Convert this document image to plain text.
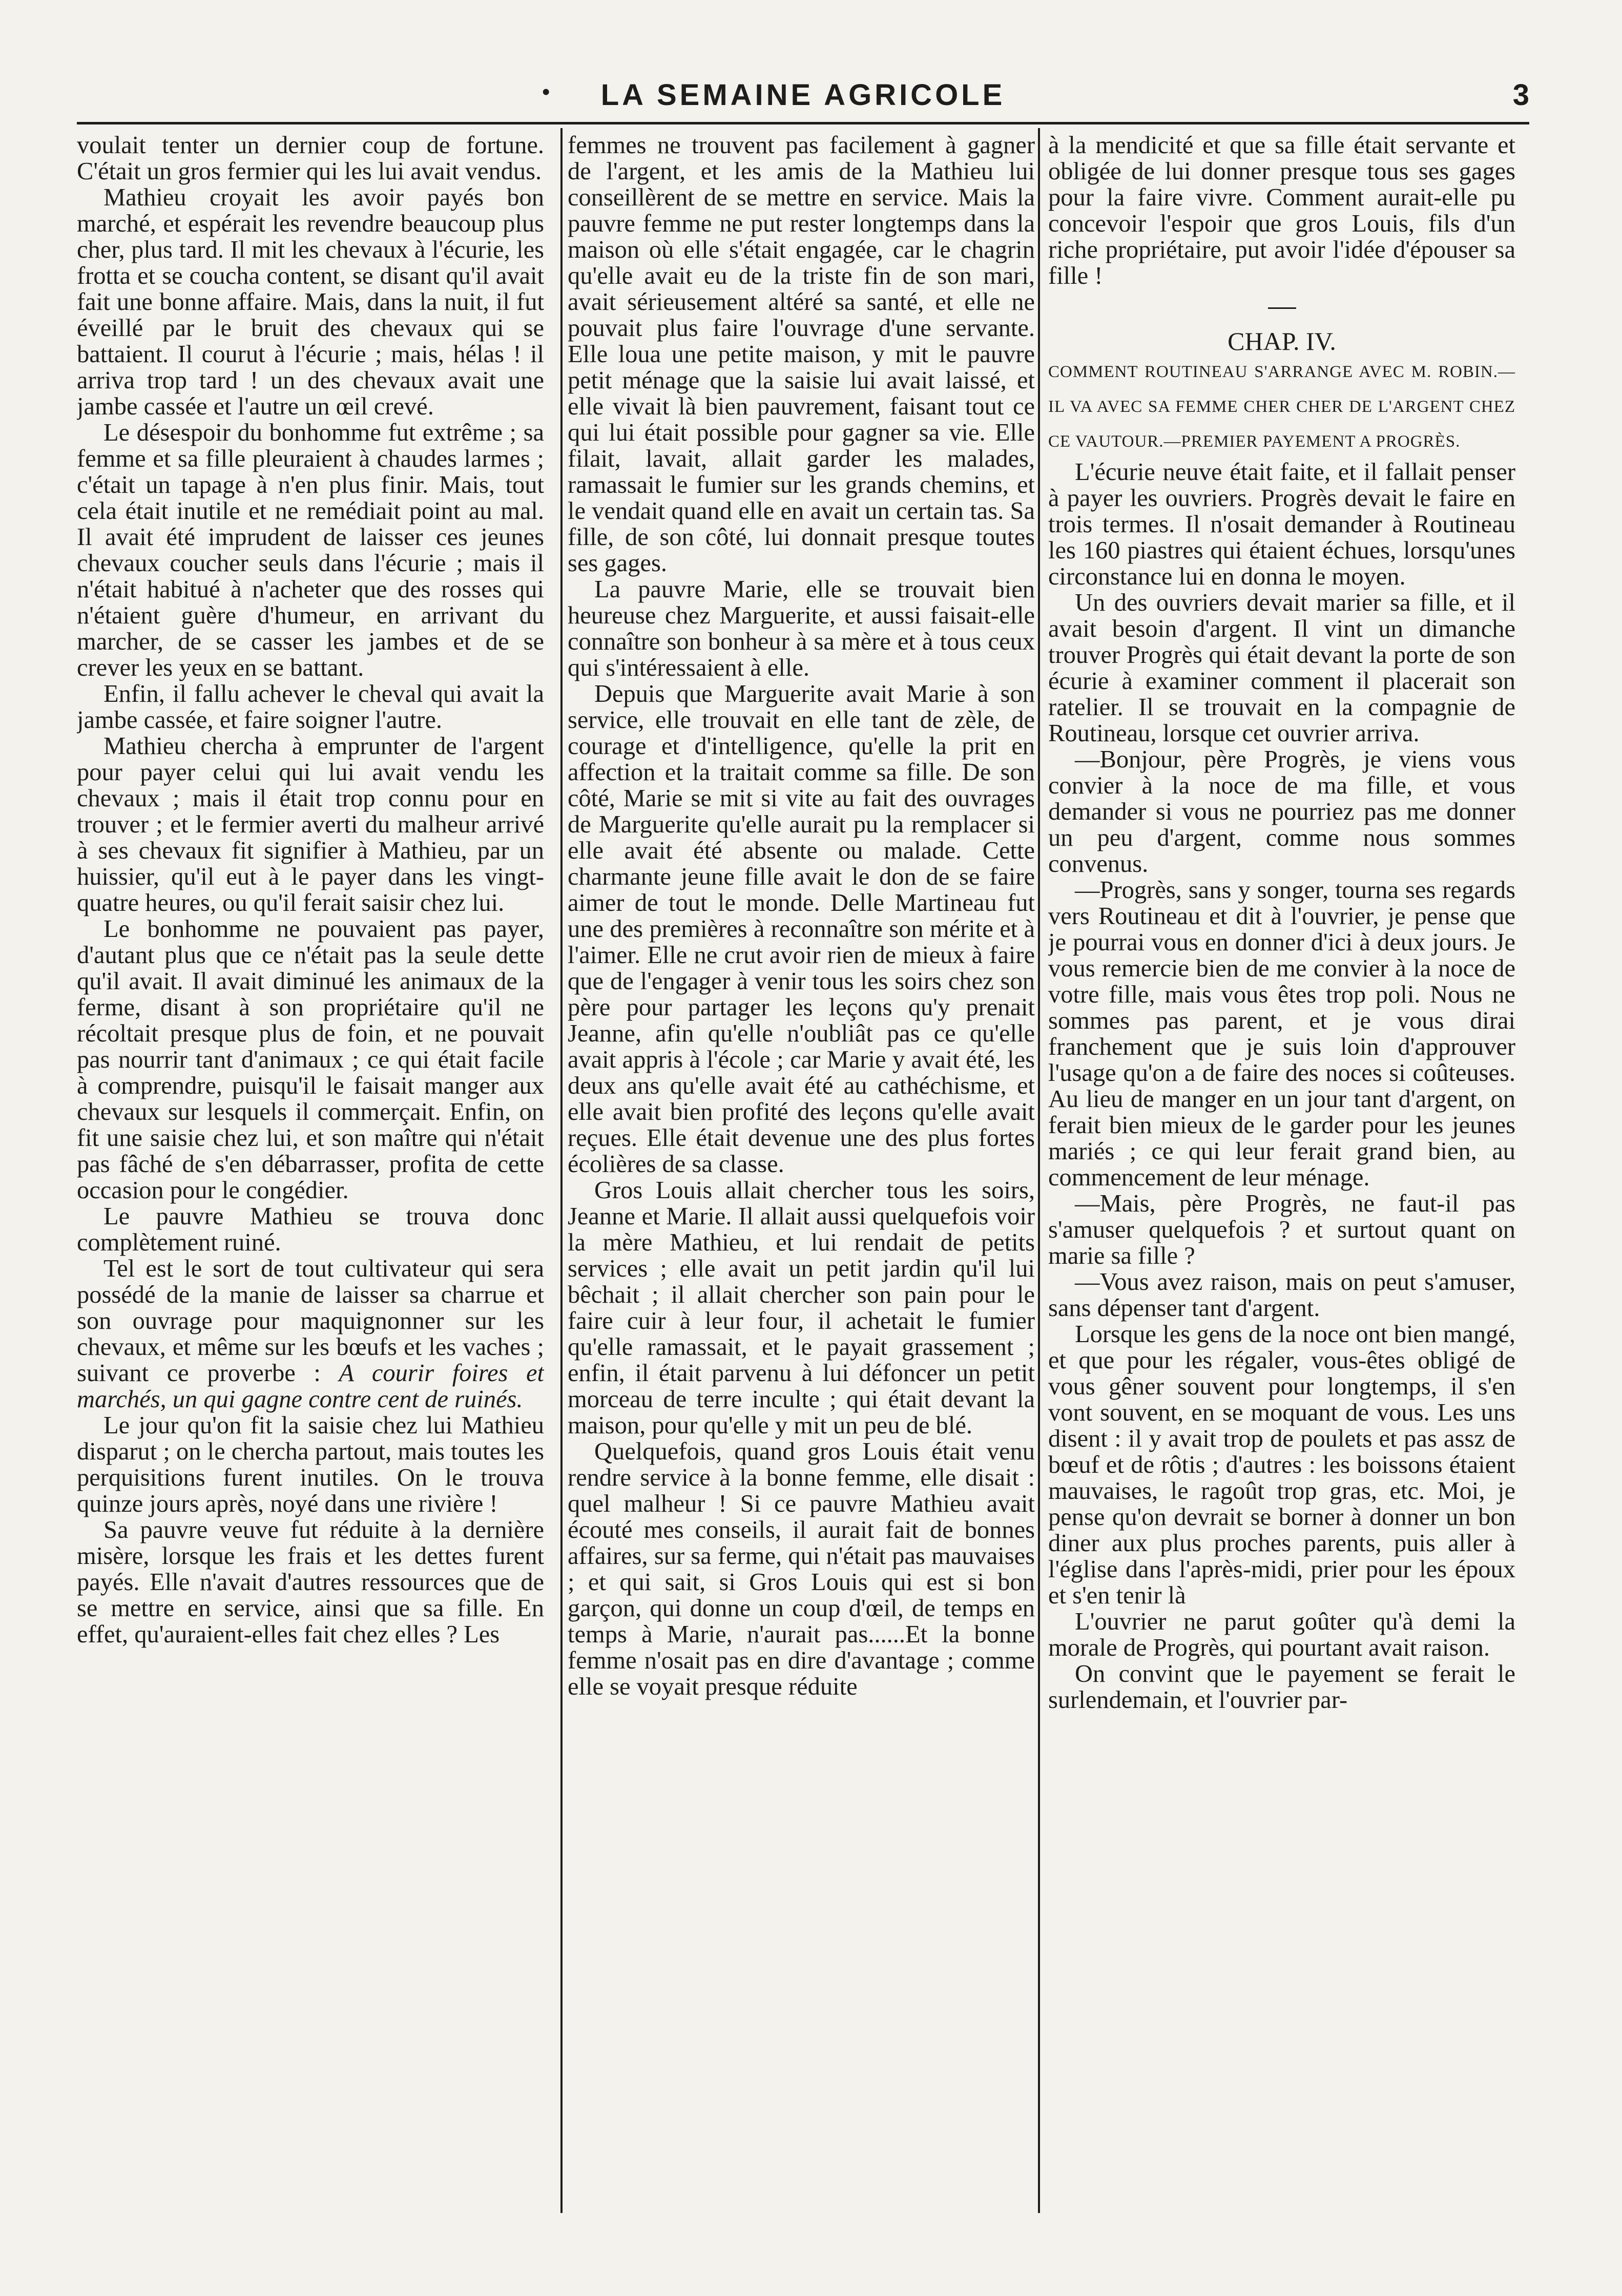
•	LA SEMAINE AGRICOLE	3

voulait tenter un dernier coup de fortune. C'était un gros fermier qui les lui avait vendus.

Mathieu croyait les avoir payés bon marché, et espérait les revendre beaucoup plus cher, plus tard. Il mit les chevaux à l'écurie, les frotta et se coucha content, se disant qu'il avait fait une bonne affaire. Mais, dans la nuit, il fut éveillé par le bruit des chevaux qui se battaient. Il courut à l'écurie ; mais, hélas ! il arriva trop tard ! un des chevaux avait une jambe cassée et l'autre un œil crevé.

Le désespoir du bonhomme fut extrême ; sa femme et sa fille pleuraient à chaudes larmes ; c'était un tapage à n'en plus finir. Mais, tout cela était inutile et ne remédiait point au mal. Il avait été imprudent de laisser ces jeunes chevaux coucher seuls dans l'écurie ; mais il n'était habitué à n'acheter que des rosses qui n'étaient guère d'humeur, en arrivant du marcher, de se casser les jambes et de se crever les yeux en se battant.

Enfin, il fallu achever le cheval qui avait la jambe cassée, et faire soigner l'autre.

Mathieu chercha à emprunter de l'argent pour payer celui qui lui avait vendu les chevaux ; mais il était trop connu pour en trouver ; et le fermier averti du malheur arrivé à ses chevaux fit signifier à Mathieu, par un huissier, qu'il eut à le payer dans les vingt-quatre heures, ou qu'il ferait saisir chez lui.

Le bonhomme ne pouvaient pas payer, d'autant plus que ce n'était pas la seule dette qu'il avait. Il avait diminué les animaux de la ferme, disant à son propriétaire qu'il ne récoltait presque plus de foin, et ne pouvait pas nourrir tant d'animaux ; ce qui était facile à comprendre, puisqu'il le faisait manger aux chevaux sur lesquels il commerçait. Enfin, on fit une saisie chez lui, et son maître qui n'était pas fâché de s'en débarrasser, profita de cette occasion pour le congédier.

Le pauvre Mathieu se trouva donc complètement ruiné.

Tel est le sort de tout cultivateur qui sera possédé de la manie de laisser sa charrue et son ouvrage pour maquignonner sur les chevaux, et même sur les bœufs et les vaches ; suivant ce proverbe : A courir foires et marchés, un qui gagne contre cent de ruinés.

Le jour qu'on fit la saisie chez lui Mathieu disparut ; on le chercha partout, mais toutes les perquisitions furent inutiles. On le trouva quinze jours après, noyé dans une rivière !

Sa pauvre veuve fut réduite à la dernière misère, lorsque les frais et les dettes furent payés. Elle n'avait d'autres ressources que de se mettre en service, ainsi que sa fille. En effet, qu'auraient-elles fait chez elles ? Les

femmes ne trouvent pas facilement à gagner de l'argent, et les amis de la Mathieu lui conseillèrent de se mettre en service. Mais la pauvre femme ne put rester longtemps dans la maison où elle s'était engagée, car le chagrin qu'elle avait eu de la triste fin de son mari, avait sérieusement altéré sa santé, et elle ne pouvait plus faire l'ouvrage d'une servante. Elle loua une petite maison, y mit le pauvre petit ménage que la saisie lui avait laissé, et elle vivait là bien pauvrement, faisant tout ce qui lui était possible pour gagner sa vie. Elle filait, lavait, allait garder les malades, ramassait le fumier sur les grands chemins, et le vendait quand elle en avait un certain tas. Sa fille, de son côté, lui donnait presque toutes ses gages.

La pauvre Marie, elle se trouvait bien heureuse chez Marguerite, et aussi faisait-elle connaître son bonheur à sa mère et à tous ceux qui s'intéressaient à elle.

Depuis que Marguerite avait Marie à son service, elle trouvait en elle tant de zèle, de courage et d'intelligence, qu'elle la prit en affection et la traitait comme sa fille. De son côté, Marie se mit si vite au fait des ouvrages de Marguerite qu'elle aurait pu la remplacer si elle avait été absente ou malade. Cette charmante jeune fille avait le don de se faire aimer de tout le monde. Delle Martineau fut une des premières à reconnaître son mérite et à l'aimer. Elle ne crut avoir rien de mieux à faire que de l'engager à venir tous les soirs chez son père pour partager les leçons qu'y prenait Jeanne, afin qu'elle n'oubliât pas ce qu'elle avait appris à l'école ; car Marie y avait été, les deux ans qu'elle avait été au cathéchisme, et elle avait bien profité des leçons qu'elle avait reçues. Elle était devenue une des plus fortes écolières de sa classe.

Gros Louis allait chercher tous les soirs, Jeanne et Marie. Il allait aussi quelquefois voir la mère Mathieu, et lui rendait de petits services ; elle avait un petit jardin qu'il lui bêchait ; il allait chercher son pain pour le faire cuir à leur four, il achetait le fumier qu'elle ramassait, et le payait grassement ; enfin, il était parvenu à lui défoncer un petit morceau de terre inculte ; qui était devant la maison, pour qu'elle y mit un peu de blé.

Quelquefois, quand gros Louis était venu rendre service à la bonne femme, elle disait : quel malheur ! Si ce pauvre Mathieu avait écouté mes conseils, il aurait fait de bonnes affaires, sur sa ferme, qui n'était pas mauvaises ; et qui sait, si Gros Louis qui est si bon garçon, qui donne un coup d'œil, de temps en temps à Marie, n'aurait pas......Et la bonne femme n'osait pas en dire d'avantage ; comme elle se voyait presque réduite

à la mendicité et que sa fille était servante et obligée de lui donner presque tous ses gages pour la faire vivre. Comment aurait-elle pu concevoir l'espoir que gros Louis, fils d'un riche propriétaire, put avoir l'idée d'épouser sa fille !

CHAP. IV.

COMMENT ROUTINEAU S'ARRANGE AVEC M. ROBIN.—IL VA AVEC SA FEMME CHER CHER DE L'ARGENT CHEZ CE VAUTOUR.—PREMIER PAYEMENT A PROGRÈS.

L'écurie neuve était faite, et il fallait penser à payer les ouvriers. Progrès devait le faire en trois termes. Il n'osait demander à Routineau les 160 piastres qui étaient échues, lorsqu'unes circonstance lui en donna le moyen.

Un des ouvriers devait marier sa fille, et il avait besoin d'argent. Il vint un dimanche trouver Progrès qui était devant la porte de son écurie à examiner comment il placerait son ratelier. Il se trouvait en la compagnie de Routineau, lorsque cet ouvrier arriva.

—Bonjour, père Progrès, je viens vous convier à la noce de ma fille, et vous demander si vous ne pourriez pas me donner un peu d'argent, comme nous sommes convenus.

—Progrès, sans y songer, tourna ses regards vers Routineau et dit à l'ouvrier, je pense que je pourrai vous en donner d'ici à deux jours. Je vous remercie bien de me convier à la noce de votre fille, mais vous êtes trop poli. Nous ne sommes pas parent, et je vous dirai franchement que je suis loin d'approuver l'usage qu'on a de faire des noces si coûteuses. Au lieu de manger en un jour tant d'argent, on ferait bien mieux de le garder pour les jeunes mariés ; ce qui leur ferait grand bien, au commencement de leur ménage.

—Mais, père Progrès, ne faut-il pas s'amuser quelquefois ? et surtout quant on marie sa fille ?

—Vous avez raison, mais on peut s'amuser, sans dépenser tant d'argent.

Lorsque les gens de la noce ont bien mangé, et que pour les régaler, vous-êtes obligé de vous gêner souvent pour longtemps, il s'en vont souvent, en se moquant de vous. Les uns disent : il y avait trop de poulets et pas assz de bœuf et de rôtis ; d'autres : les boissons étaient mauvaises, le ragoût trop gras, etc. Moi, je pense qu'on devrait se borner à donner un bon diner aux plus proches parents, puis aller à l'église dans l'après-midi, prier pour les époux et s'en tenir là

L'ouvrier ne parut goûter qu'à demi la morale de Progrès, qui pourtant avait raison.

On convint que le payement se ferait le surlendemain, et l'ouvrier par-
